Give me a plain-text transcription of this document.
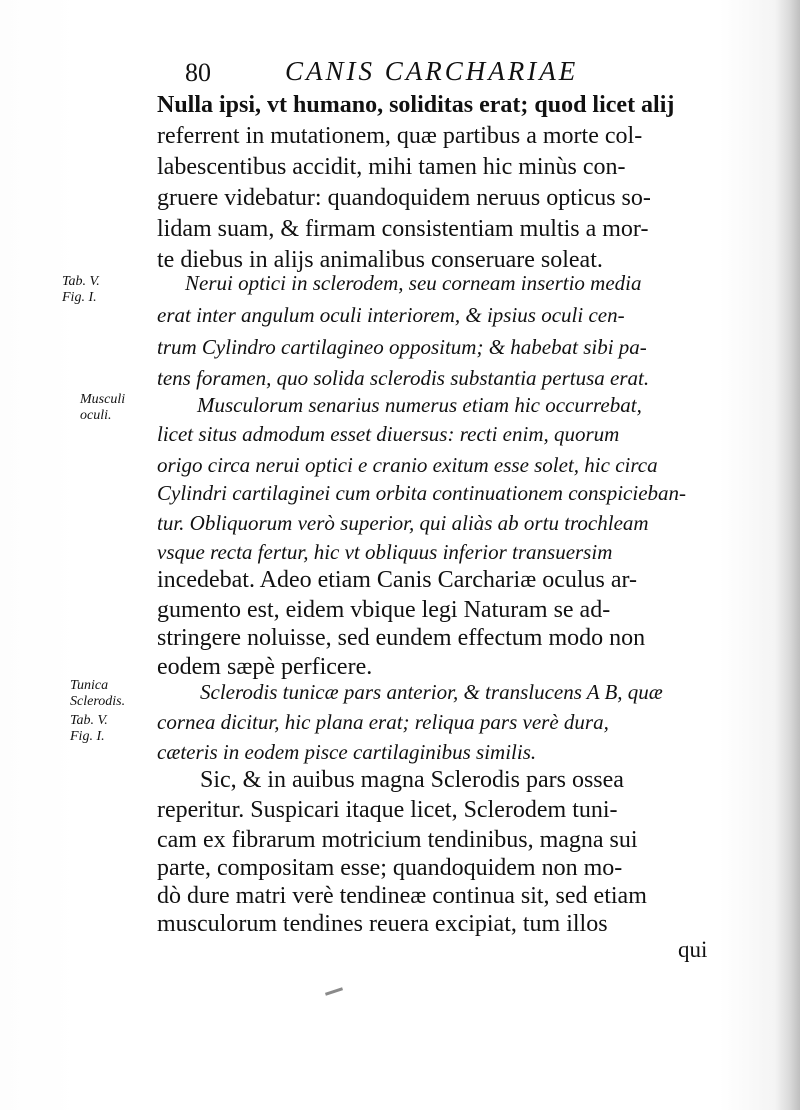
80	CANIS CARCHARIAE
Nulla ipsi, vt humano, soliditas erat; quod licet alij
referrent in mutationem, quæ partibus a morte col-
labescentibus accidit, mihi tamen hic minùs con-
gruere videbatur: quandoquidem neruus opticus so-
lidam suam, & firmam consistentiam multis a mor-
te diebus in alijs animalibus conseruare soleat.
Nerui optici in sclerodem, seu corneam insertio media
erat inter angulum oculi interiorem, & ipsius oculi cen-
trum Cylindro cartilagineo oppositum; & habebat sibi pa-
tens foramen, quo solida sclerodis substantia pertusa erat.
Musculorum senarius numerus etiam hic occurrebat,
licet situs admodum esset diuersus: recti enim, quorum
origo circa nerui optici e cranio exitum esse solet, hic circa
Cylindri cartilaginei cum orbita continuationem conspicieban-
tur. Obliquorum verò superior, qui aliàs ab ortu trochleam
vsque recta fertur, hic vt obliquus inferior transuersim
incedebat. Adeo etiam Canis Carchariæ oculus ar-
gumento est, eidem vbique legi Naturam se ad-
stringere noluisse, sed eundem effectum modo non
eodem sæpè perficere.
Sclerodis tunicæ pars anterior, & translucens A B, quæ
cornea dicitur, hic plana erat; reliqua pars verè dura,
cæteris in eodem pisce cartilaginibus similis.
Sic, & in auibus magna Sclerodis pars ossea
reperitur. Suspicari itaque licet, Sclerodem tuni-
cam ex fibrarum motricium tendinibus, magna sui
parte, compositam esse; quandoquidem non mo-
dò dure matri verè tendineæ continua sit, sed etiam
musculorum tendines reuera excipiat, tum illos
qui
Tab. V.
Fig. I.
Musculi
oculi.
Tunica
Sclerodis.
Tab. V.
Fig. I.
